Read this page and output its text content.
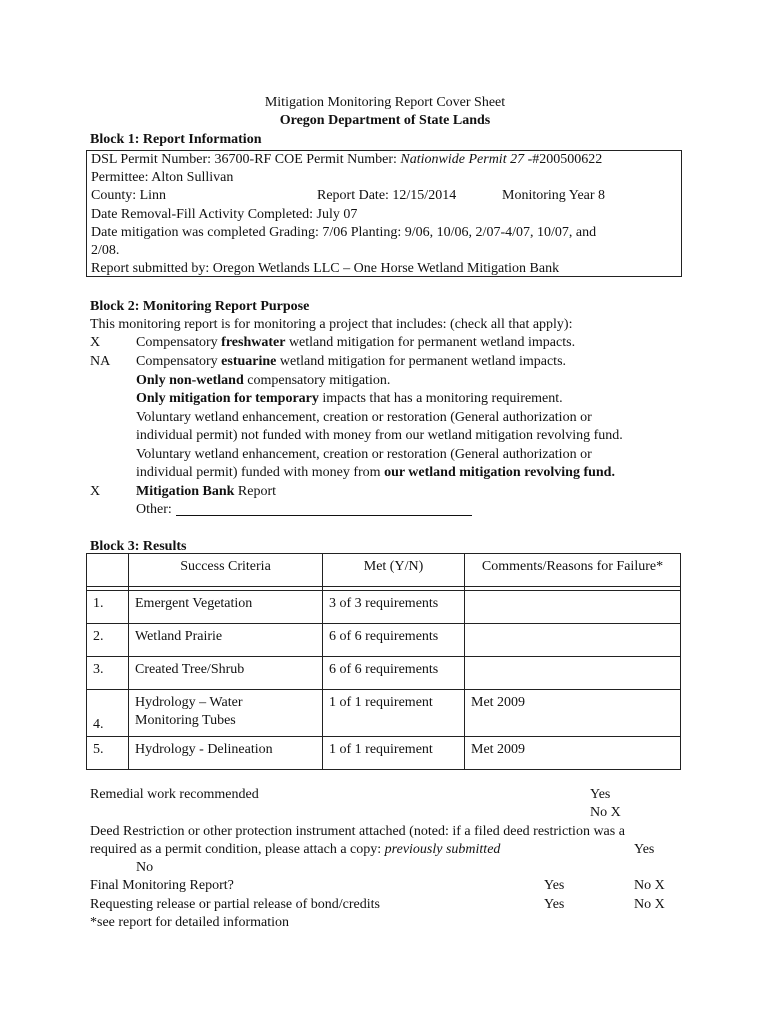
Mitigation Monitoring Report Cover Sheet
Oregon Department of State Lands
Block 1: Report Information
DSL Permit Number: 36700-RF COE Permit Number: Nationwide Permit 27 -#200500622
Permittee: Alton Sullivan
County: Linn	Report Date: 12/15/2014	Monitoring Year 8
Date Removal-Fill Activity Completed: July 07
Date mitigation was completed Grading: 7/06 Planting: 9/06, 10/06, 2/07-4/07, 10/07, and
2/08.
Report submitted by: Oregon Wetlands LLC – One Horse Wetland Mitigation Bank
Block 2: Monitoring Report Purpose
This monitoring report is for monitoring a project that includes: (check all that apply):
X	Compensatory freshwater wetland mitigation for permanent wetland impacts.
NA Compensatory estuarine wetland mitigation for permanent wetland impacts.
Only non-wetland compensatory mitigation.
Only mitigation for temporary impacts that has a monitoring requirement.
Voluntary wetland enhancement, creation or restoration (General authorization or
individual permit) not funded with money from our wetland mitigation revolving fund.
Voluntary wetland enhancement, creation or restoration (General authorization or
individual permit) funded with money from our wetland mitigation revolving fund.
X	Mitigation Bank Report
Other:
Block 3: Results
	Success Criteria	Met (Y/N)	Comments/Reasons for Failure*

1.	Emergent Vegetation	3 of 3 requirements	
2.	Wetland Prairie	6 of 6 requirements	
3.	Created Tree/Shrub	6 of 6 requirements	
4.	Hydrology – Water
Monitoring Tubes	1 of 1 requirement	Met 2009
5.	Hydrology - Delineation	1 of 1 requirement	Met 2009
Remedial work recommended	Yes
No X
Deed Restriction or other protection instrument attached (noted: if a filed deed restriction was a
required as a permit condition, please attach a copy: previously submitted	Yes
No
Final Monitoring Report?	Yes	No X
Requesting release or partial release of bond/credits	Yes	No X
*see report for detailed information
